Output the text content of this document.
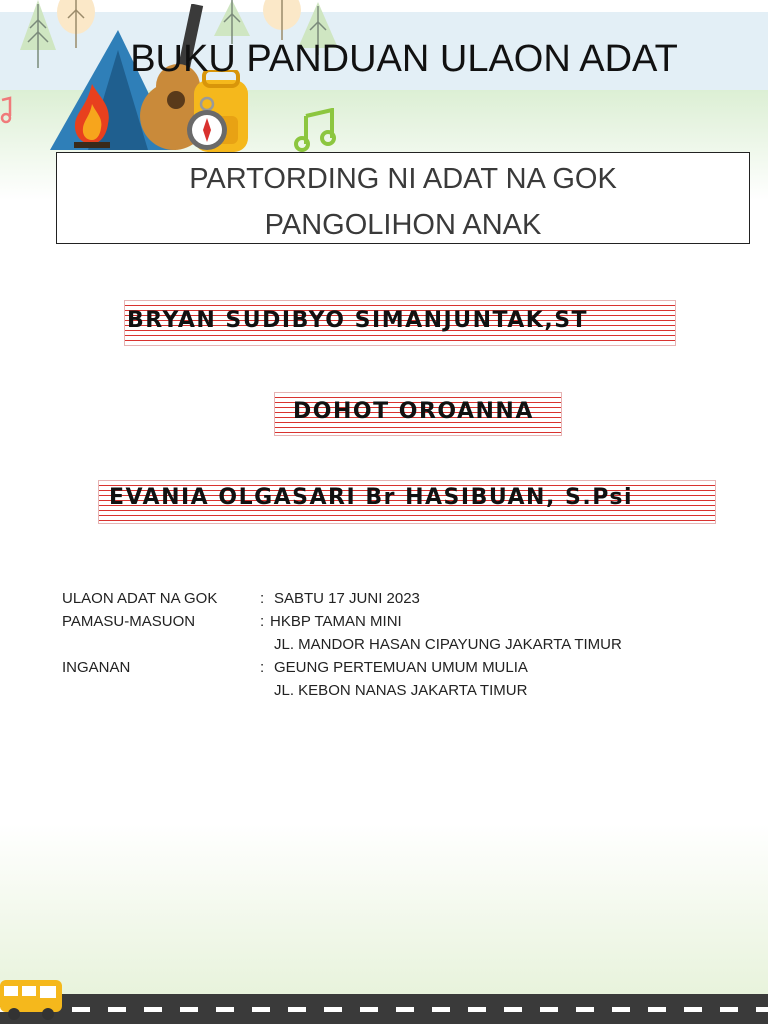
BUKU PANDUAN ULAON ADAT
PARTORDING NI ADAT NA GOK
PANGOLIHON ANAK
BRYAN SUDIBYO SIMANJUNTAK,ST
DOHOT OROANNA
EVANIA OLGASARI Br HASIBUAN, S.Psi
ULAON ADAT NA GOK	: SABTU 17 JUNI 2023
PAMASU-MASUON	: HKBP TAMAN MINI
JL. MANDOR HASAN CIPAYUNG JAKARTA TIMUR
INGANAN	: GEUNG PERTEMUAN UMUM MULIA
JL. KEBON NANAS JAKARTA TIMUR
